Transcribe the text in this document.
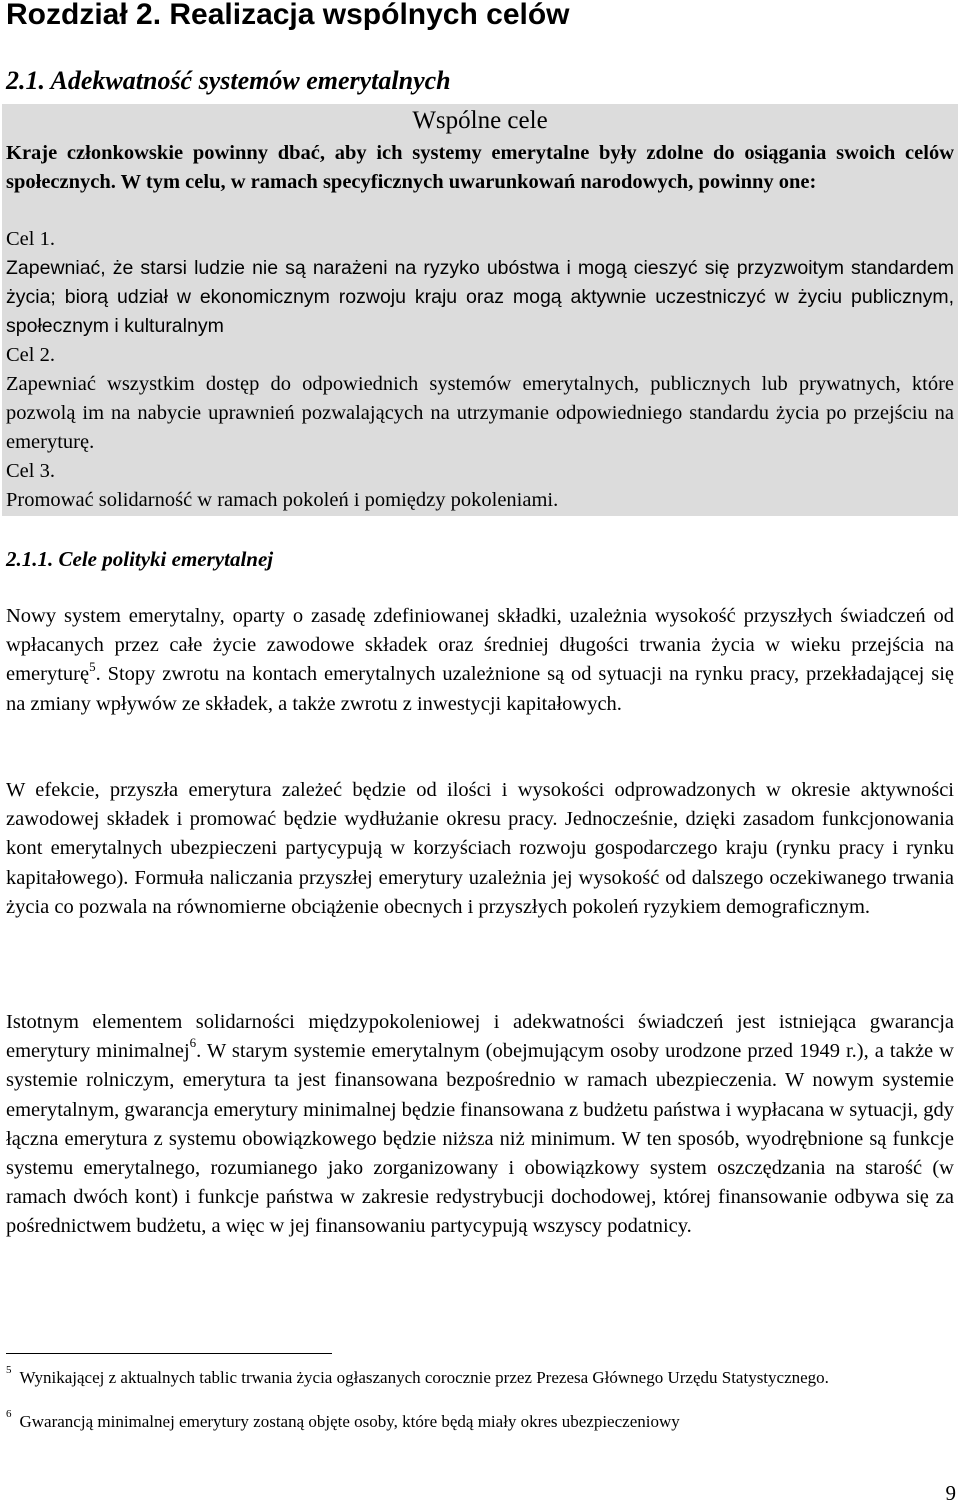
Rozdział 2. Realizacja wspólnych celów
2.1. Adekwatność systemów emerytalnych
Wspólne cele

Kraje członkowskie powinny dbać, aby ich systemy emerytalne były zdolne do osiągania swoich celów społecznych. W tym celu, w ramach specyficznych uwarunkowań narodowych, powinny one:

Cel 1.

Zapewniać, że starsi ludzie nie są narażeni na ryzyko ubóstwa i mogą cieszyć się przyzwoitym standardem życia; biorą udział w ekonomicznym rozwoju kraju oraz mogą aktywnie uczestniczyć w życiu publicznym, społecznym i kulturalnym

Cel 2.

Zapewniać wszystkim dostęp do odpowiednich systemów emerytalnych, publicznych lub prywatnych, które pozwolą im na nabycie uprawnień pozwalających na utrzymanie odpowiedniego standardu życia po przejściu na emeryturę.

Cel 3.

Promować solidarność w ramach pokoleń i pomiędzy pokoleniami.

2.1.1. Cele polityki emerytalnej

Nowy system emerytalny, oparty o zasadę zdefiniowanej składki, uzależnia wysokość przyszłych świadczeń od wpłacanych przez całe życie zawodowe składek oraz średniej długości trwania życia w wieku przejścia na emeryturę$^5$. Stopy zwrotu na kontach emerytalnych uzależnione są od sytuacji na rynku pracy, przekładającej się na zmiany wpływów ze składek, a także zwrotu z inwestycji kapitałowych.

W efekcie, przyszła emerytura zależeć będzie od ilości i wysokości odprowadzonych w okresie aktywności zawodowej składek i promować będzie wydłużanie okresu pracy. Jednocześnie, dzięki zasadom funkcjonowania kont emerytalnych ubezpieczeni partycypują w korzyściach rozwoju gospodarczego kraju (rynku pracy i rynku kapitałowego). Formuła naliczania przyszłej emerytury uzależnia jej wysokość od dalszego oczekiwanego trwania życia co pozwala na równomierne obciążenie obecnych i przyszłych pokoleń ryzykiem demograficznym.

Istotnym elementem solidarności międzypokoleniowej i adekwatności świadczeń jest istniejąca gwarancja emerytury minimalnej$^6$. W starym systemie emerytalnym (obejmującym osoby urodzone przed 1949 r.), a także w systemie rolniczym, emerytura ta jest finansowana bezpośrednio w ramach ubezpieczenia. W nowym systemie emerytalnym, gwarancja emerytury minimalnej będzie finansowana z budżetu państwa i wypłacana w sytuacji, gdy łączna emerytura z systemu obowiązkowego będzie niższa niż minimum. W ten sposób, wyodrębnione są funkcje systemu emerytalnego, rozumianego jako zorganizowany i obowiązkowy system oszczędzania na starość (w ramach dwóch kont) i funkcje państwa w zakresie redystrybucji dochodowej, której finansowanie odbywa się za pośrednictwem budżetu, a więc w jej finansowaniu partycypują wszyscy podatnicy.

$^5$ Wynikającej z aktualnych tablic trwania życia ogłaszanych corocznie przez Prezesa Głównego Urzędu Statystycznego.

$^6$ Gwarancją minimalnej emerytury zostaną objęte osoby, które będą miały okres ubezpieczeniowy

9
